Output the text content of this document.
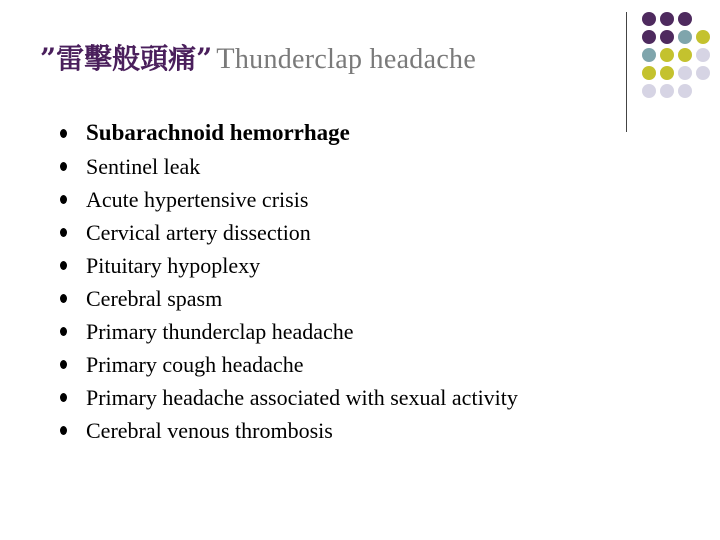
”雷擊般頭痛” Thunderclap headache
Subarachnoid hemorrhage
Sentinel leak
Acute hypertensive crisis
Cervical artery dissection
Pituitary hypoplexy
Cerebral spasm
Primary thunderclap headache
Primary cough headache
Primary headache associated with sexual activity
Cerebral venous thrombosis
